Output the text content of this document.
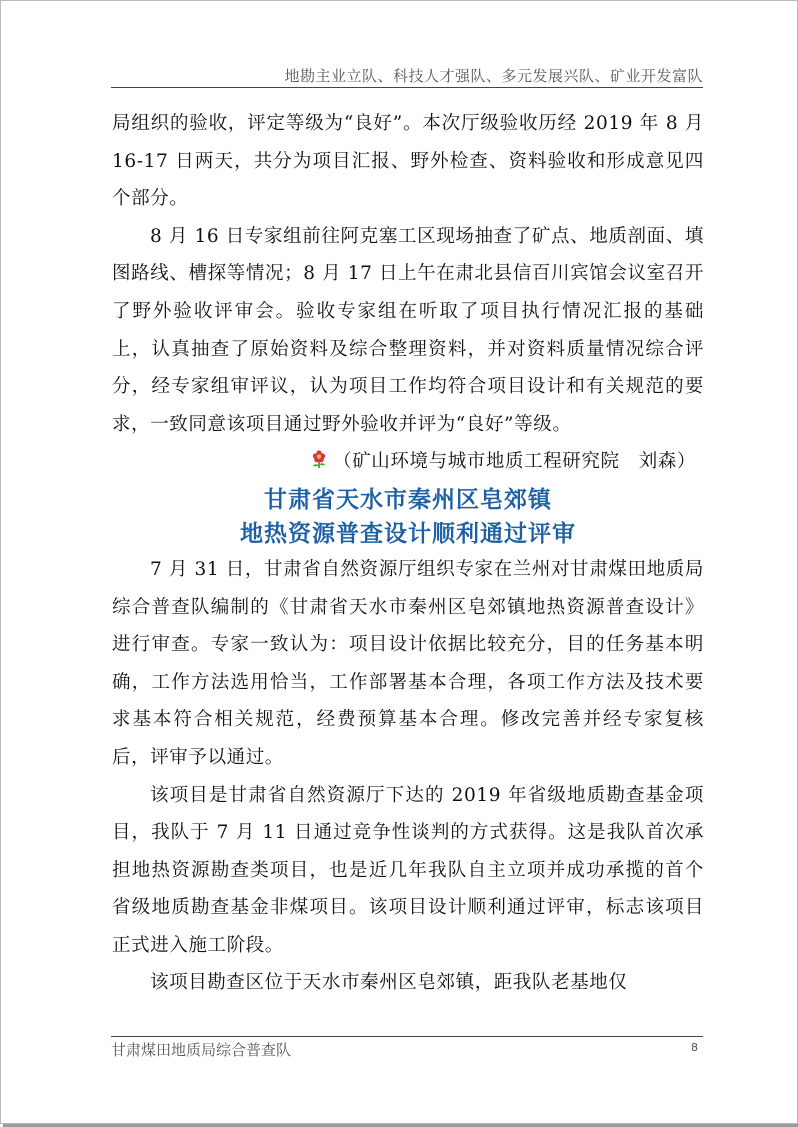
地勘主业立队、科技人才强队、多元发展兴队、矿业开发富队

局组织的验收，评定等级为“良好”。本次厅级验收历经 2019 年 8 月 16-17 日两天，共分为项目汇报、野外检查、资料验收和形成意见四个部分。

8 月 16 日专家组前往阿克塞工区现场抽查了矿点、地质剖面、填图路线、槽探等情况；8 月 17 日上午在肃北县信百川宾馆会议室召开了野外验收评审会。验收专家组在听取了项目执行情况汇报的基础上，认真抽查了原始资料及综合整理资料，并对资料质量情况综合评分，经专家组审评议，认为项目工作均符合项目设计和有关规范的要求，一致同意该项目通过野外验收并评为“良好”等级。

（矿山环境与城市地质工程研究院　刘森）

甘肃省天水市秦州区皂郊镇
地热资源普查设计顺利通过评审

7 月 31 日，甘肃省自然资源厅组织专家在兰州对甘肃煤田地质局综合普查队编制的《甘肃省天水市秦州区皂郊镇地热资源普查设计》进行审查。专家一致认为：项目设计依据比较充分，目的任务基本明确，工作方法选用恰当，工作部署基本合理，各项工作方法及技术要求基本符合相关规范，经费预算基本合理。修改完善并经专家复核后，评审予以通过。

该项目是甘肃省自然资源厅下达的 2019 年省级地质勘查基金项目，我队于 7 月 11 日通过竞争性谈判的方式获得。这是我队首次承担地热资源勘查类项目，也是近几年我队自主立项并成功承揽的首个省级地质勘查基金非煤项目。该项目设计顺利通过评审，标志该项目正式进入施工阶段。

该项目勘查区位于天水市秦州区皂郊镇，距我队老基地仅

甘肃煤田地质局综合普查队	8
